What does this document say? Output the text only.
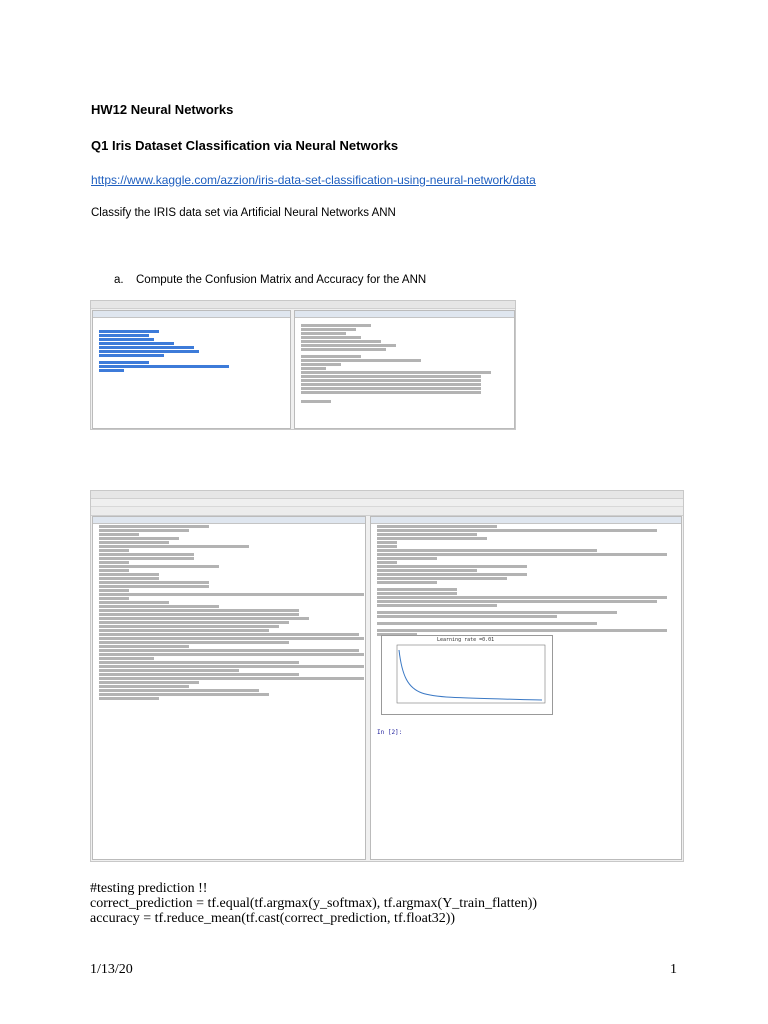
HW12 Neural Networks
Q1 Iris Dataset Classification via Neural Networks
https://www.kaggle.com/azzion/iris-data-set-classification-using-neural-network/data
Classify the IRIS data set via Artificial Neural Networks ANN
a. Compute the Confusion Matrix and Accuracy for the ANN
Learning rate =0.01
In [2]:
#testing prediction !!
correct_prediction = tf.equal(tf.argmax(y_softmax), tf.argmax(Y_train_flatten))
accuracy = tf.reduce_mean(tf.cast(correct_prediction, tf.float32))
1/13/20	1
